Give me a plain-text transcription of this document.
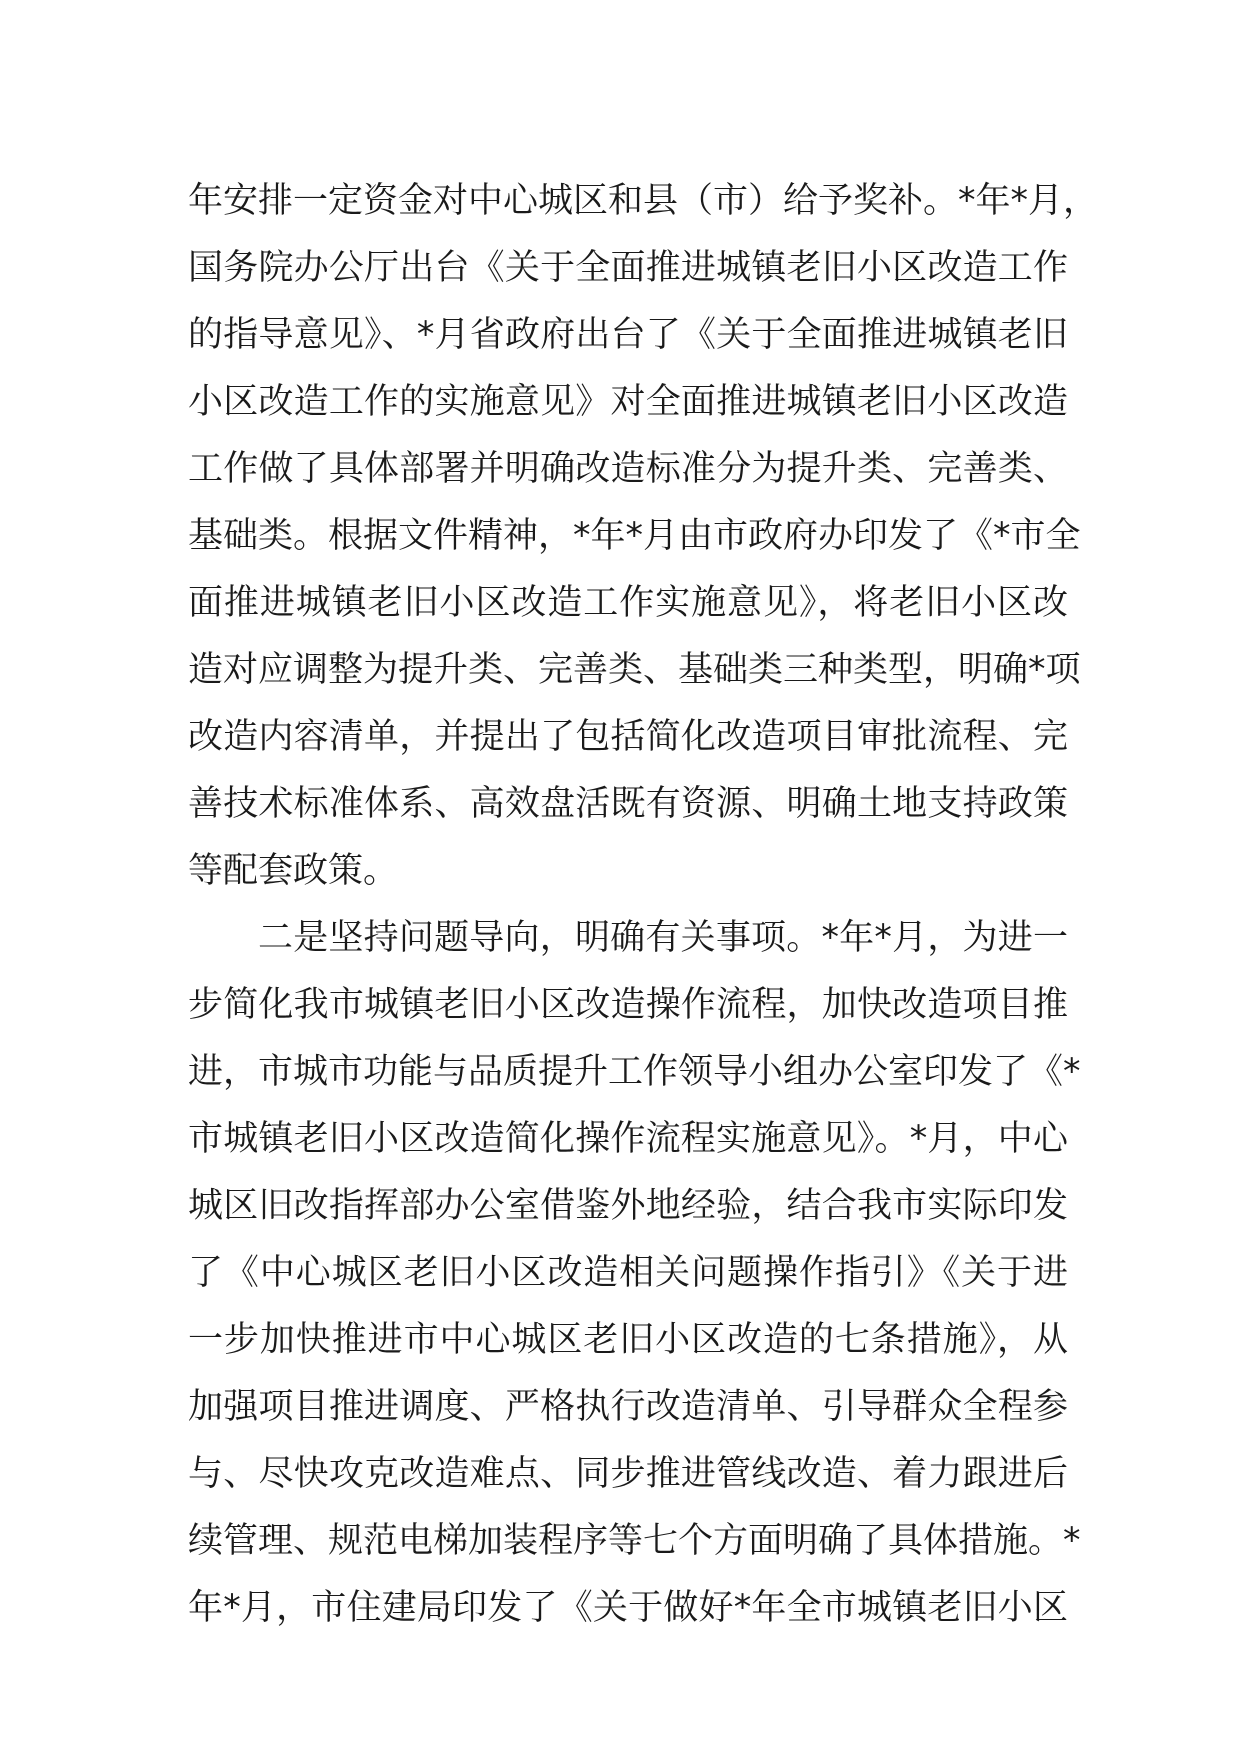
年安排一定资金对中心城区和县（市）给予奖补。*年*月，
国务院办公厅出台《关于全面推进城镇老旧小区改造工作
的指导意见》、*月省政府出台了《关于全面推进城镇老旧
小区改造工作的实施意见》对全面推进城镇老旧小区改造
工作做了具体部署并明确改造标准分为提升类、完善类、
基础类。根据文件精神，*年*月由市政府办印发了《*市全
面推进城镇老旧小区改造工作实施意见》，将老旧小区改
造对应调整为提升类、完善类、基础类三种类型，明确*项
改造内容清单，并提出了包括简化改造项目审批流程、完
善技术标准体系、高效盘活既有资源、明确土地支持政策
等配套政策。
二是坚持问题导向，明确有关事项。*年*月，为进一
步简化我市城镇老旧小区改造操作流程，加快改造项目推
进，市城市功能与品质提升工作领导小组办公室印发了《*
市城镇老旧小区改造简化操作流程实施意见》。*月，中心
城区旧改指挥部办公室借鉴外地经验，结合我市实际印发
了《中心城区老旧小区改造相关问题操作指引》《关于进
一步加快推进市中心城区老旧小区改造的七条措施》，从
加强项目推进调度、严格执行改造清单、引导群众全程参
与、尽快攻克改造难点、同步推进管线改造、着力跟进后
续管理、规范电梯加装程序等七个方面明确了具体措施。*
年*月，市住建局印发了《关于做好*年全市城镇老旧小区
